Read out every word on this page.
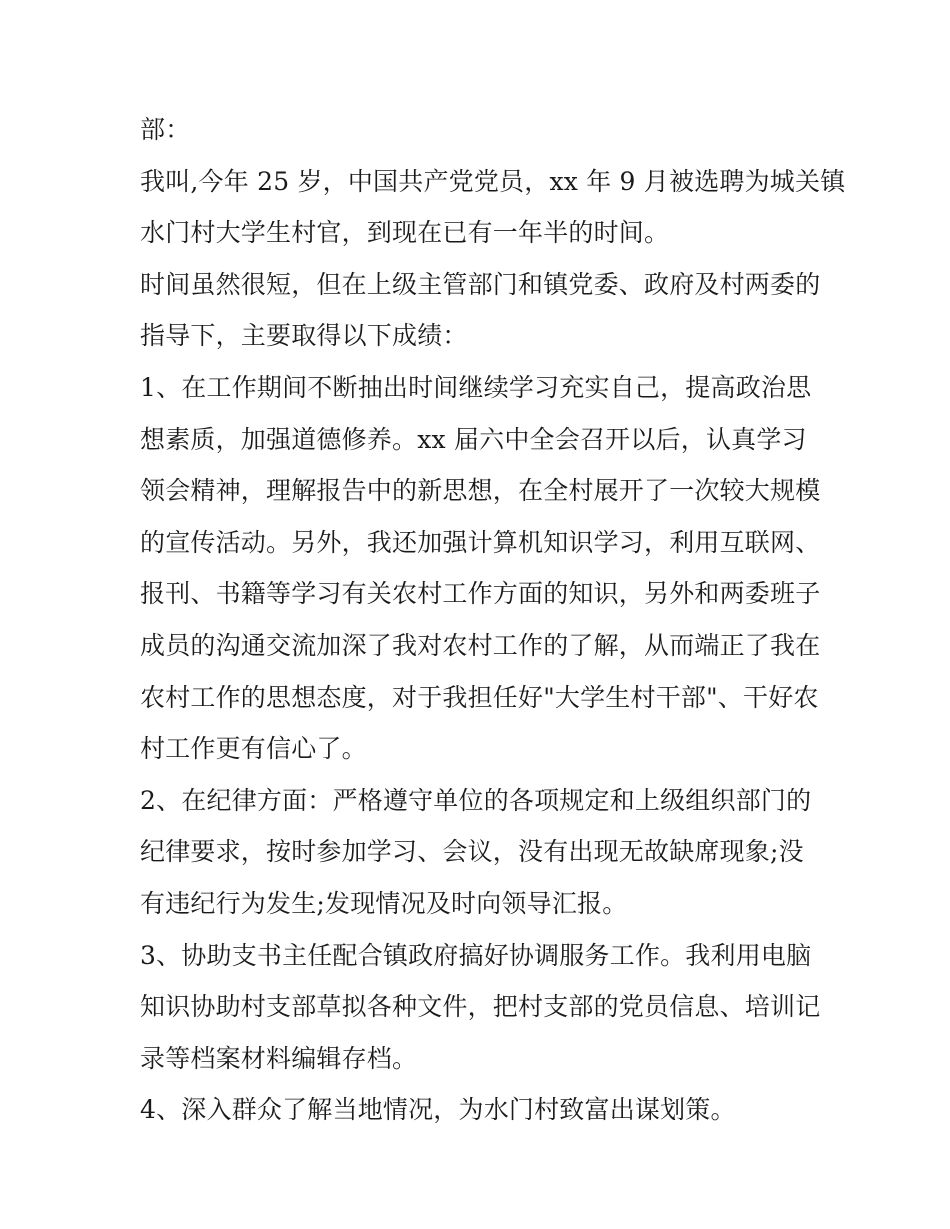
部：

我叫,今年 25 岁，中国共产党党员，xx 年 9 月被选聘为城关镇

水门村大学生村官，到现在已有一年半的时间。

时间虽然很短，但在上级主管部门和镇党委、政府及村两委的

指导下，主要取得以下成绩：

1、在工作期间不断抽出时间继续学习充实自己，提高政治思

想素质，加强道德修养。xx 届六中全会召开以后，认真学习

领会精神，理解报告中的新思想，在全村展开了一次较大规模

的宣传活动。另外，我还加强计算机知识学习，利用互联网、

报刊、书籍等学习有关农村工作方面的知识，另外和两委班子

成员的沟通交流加深了我对农村工作的了解，从而端正了我在

农村工作的思想态度，对于我担任好"大学生村干部"、干好农

村工作更有信心了。

2、在纪律方面：严格遵守单位的各项规定和上级组织部门的

纪律要求，按时参加学习、会议，没有出现无故缺席现象;没

有违纪行为发生;发现情况及时向领导汇报。

3、协助支书主任配合镇政府搞好协调服务工作。我利用电脑

知识协助村支部草拟各种文件，把村支部的党员信息、培训记

录等档案材料编辑存档。

4、深入群众了解当地情况，为水门村致富出谋划策。
